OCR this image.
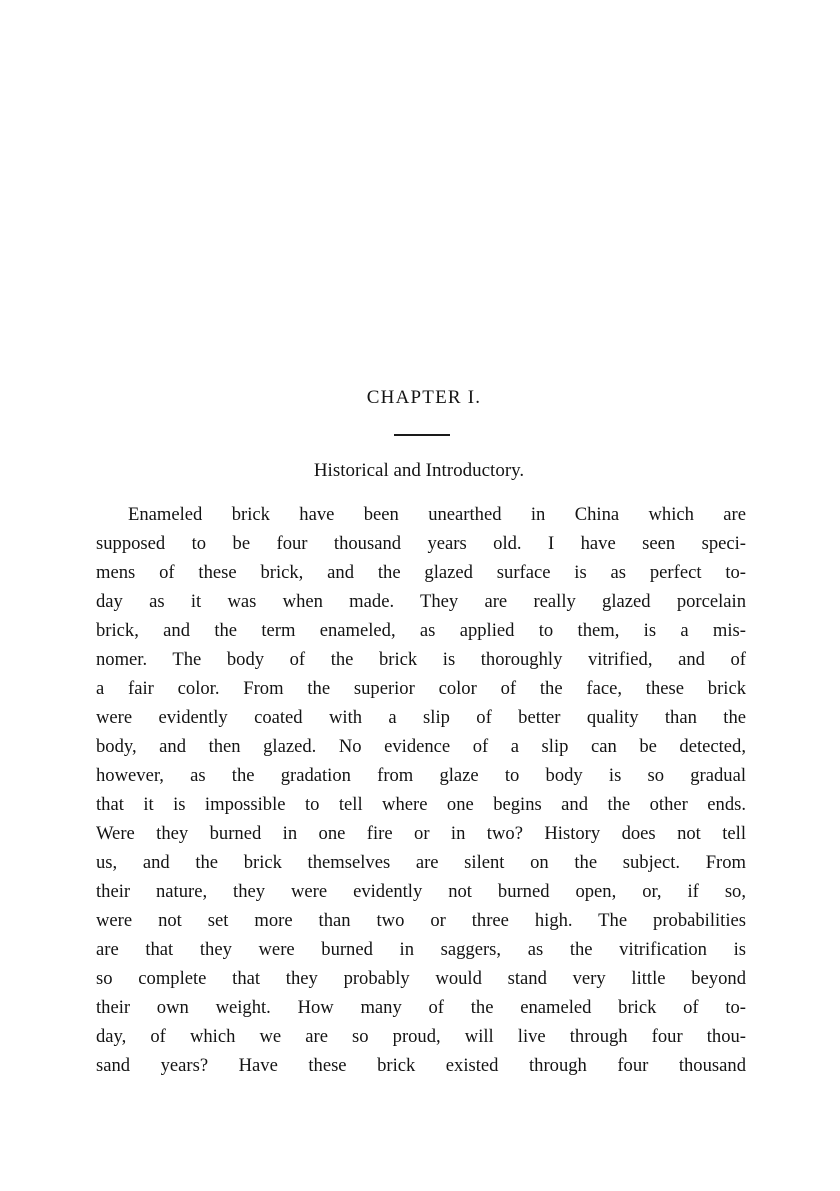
CHAPTER I.
Historical and Introductory.
Enameled brick have been unearthed in China which are
supposed to be four thousand years old. I have seen speci-
mens of these brick, and the glazed surface is as perfect to-
day as it was when made. They are really glazed porcelain
brick, and the term enameled, as applied to them, is a mis-
nomer. The body of the brick is thoroughly vitrified, and of
a fair color. From the superior color of the face, these brick
were evidently coated with a slip of better quality than the
body, and then glazed. No evidence of a slip can be detected,
however, as the gradation from glaze to body is so gradual
that it is impossible to tell where one begins and the other ends.
Were they burned in one fire or in two? History does not tell
us, and the brick themselves are silent on the subject. From
their nature, they were evidently not burned open, or, if so,
were not set more than two or three high. The probabilities
are that they were burned in saggers, as the vitrification is
so complete that they probably would stand very little beyond
their own weight. How many of the enameled brick of to-
day, of which we are so proud, will live through four thou-
sand years? Have these brick existed through four thousand
